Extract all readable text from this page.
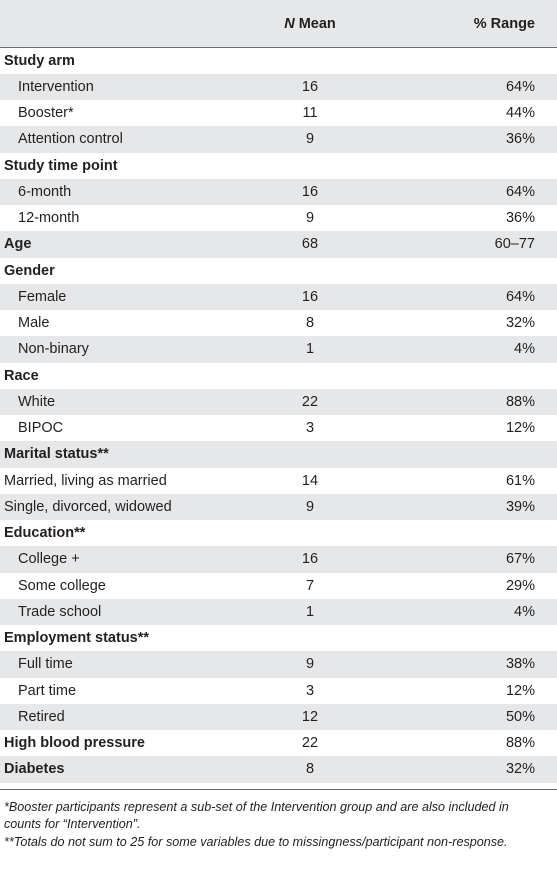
	N Mean	% Range
Study arm		
Intervention	16	64%
Booster*	11	44%
Attention control	9	36%
Study time point		
6-month	16	64%
12-month	9	36%
Age	68	60–77
Gender		
Female	16	64%
Male	8	32%
Non-binary	1	4%
Race		
White	22	88%
BIPOC	3	12%
Marital status**		
Married, living as married	14	61%
Single, divorced, widowed	9	39%
Education**		
College +	16	67%
Some college	7	29%
Trade school	1	4%
Employment status**		
Full time	9	38%
Part time	3	12%
Retired	12	50%
High blood pressure	22	88%
Diabetes	8	32%
*Booster participants represent a sub-set of the Intervention group and are also included in counts for “Intervention”.
**Totals do not sum to 25 for some variables due to missingness/participant non-response.
